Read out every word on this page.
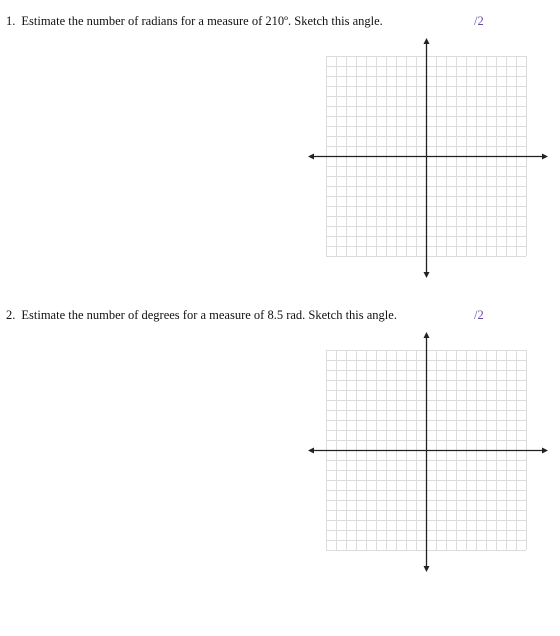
1. Estimate the number of radians for a measure of 210º. Sketch this angle.	/2
2. Estimate the number of degrees for a measure of 8.5 rad. Sketch this angle.	/2
